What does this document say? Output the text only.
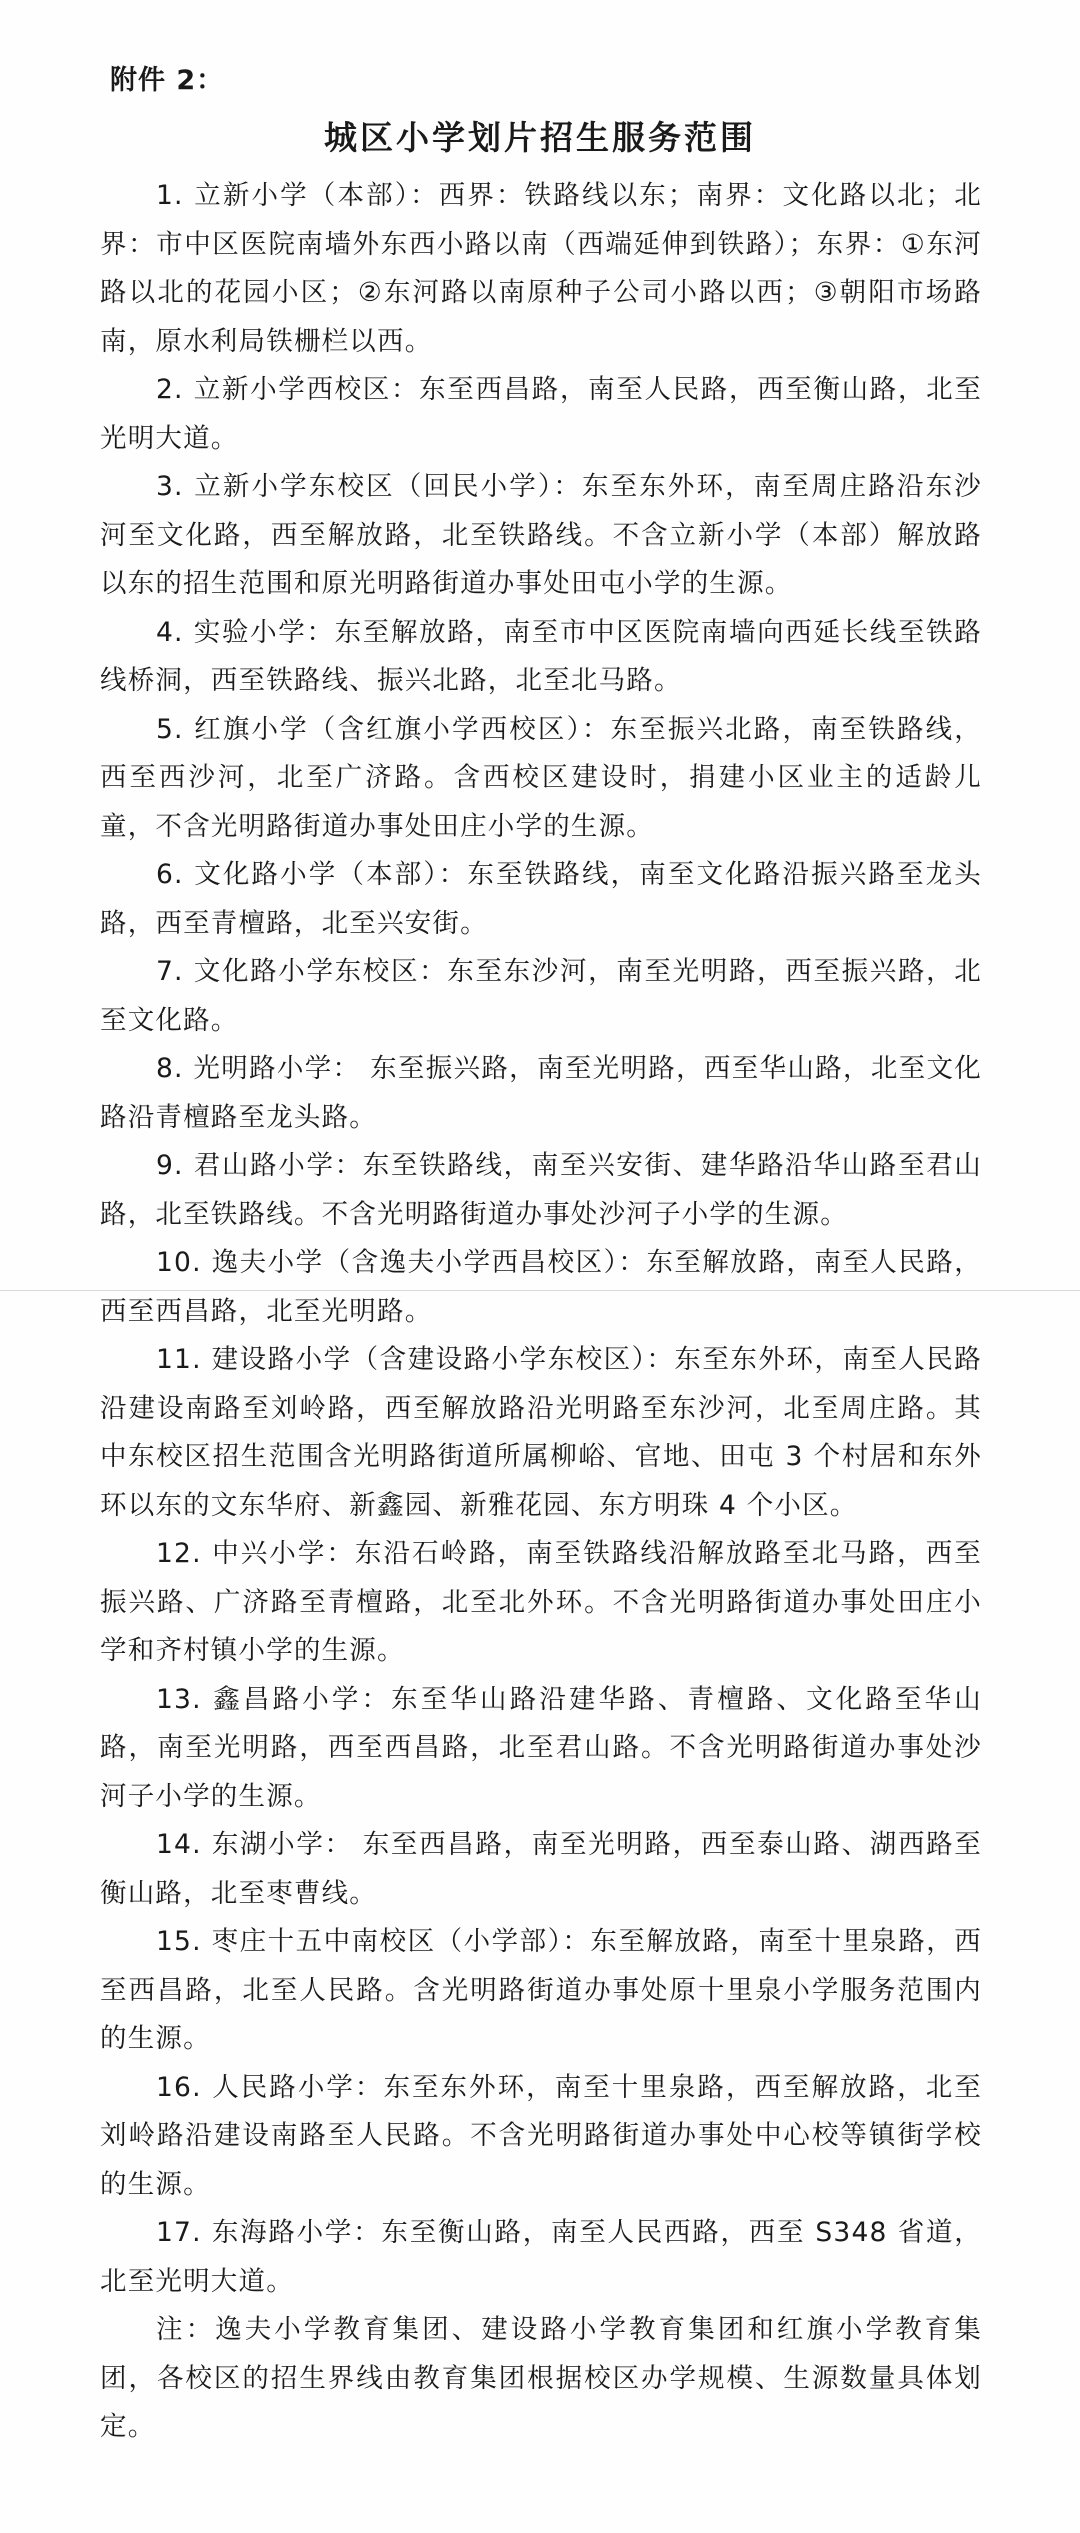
附件 2：
城区小学划片招生服务范围

1. 立新小学（本部）：西界：铁路线以东；南界：文化路以北；北界：市中区医院南墙外东西小路以南（西端延伸到铁路）；东界：①东河路以北的花园小区；②东河路以南原种子公司小路以西；③朝阳市场路南，原水利局铁栅栏以西。

2. 立新小学西校区：东至西昌路，南至人民路，西至衡山路，北至光明大道。

3. 立新小学东校区（回民小学）：东至东外环，南至周庄路沿东沙河至文化路，西至解放路，北至铁路线。不含立新小学（本部）解放路以东的招生范围和原光明路街道办事处田屯小学的生源。

4. 实验小学：东至解放路，南至市中区医院南墙向西延长线至铁路线桥洞，西至铁路线、振兴北路，北至北马路。

5. 红旗小学（含红旗小学西校区）：东至振兴北路，南至铁路线，西至西沙河，北至广济路。含西校区建设时，捐建小区业主的适龄儿童，不含光明路街道办事处田庄小学的生源。

6. 文化路小学（本部）：东至铁路线，南至文化路沿振兴路至龙头路，西至青檀路，北至兴安街。

7. 文化路小学东校区：东至东沙河，南至光明路，西至振兴路，北至文化路。

8. 光明路小学： 东至振兴路，南至光明路，西至华山路，北至文化路沿青檀路至龙头路。

9. 君山路小学：东至铁路线，南至兴安街、建华路沿华山路至君山路，北至铁路线。不含光明路街道办事处沙河子小学的生源。

10. 逸夫小学（含逸夫小学西昌校区）：东至解放路，南至人民路，西至西昌路，北至光明路。

11. 建设路小学（含建设路小学东校区）：东至东外环，南至人民路沿建设南路至刘岭路，西至解放路沿光明路至东沙河，北至周庄路。其中东校区招生范围含光明路街道所属柳峪、官地、田屯 3 个村居和东外环以东的文东华府、新鑫园、新雅花园、东方明珠 4 个小区。

12. 中兴小学：东沿石岭路，南至铁路线沿解放路至北马路，西至振兴路、广济路至青檀路，北至北外环。不含光明路街道办事处田庄小学和齐村镇小学的生源。

13. 鑫昌路小学：东至华山路沿建华路、青檀路、文化路至华山路，南至光明路，西至西昌路，北至君山路。不含光明路街道办事处沙河子小学的生源。

14. 东湖小学： 东至西昌路，南至光明路，西至泰山路、湖西路至衡山路，北至枣曹线。

15. 枣庄十五中南校区（小学部）：东至解放路，南至十里泉路，西至西昌路，北至人民路。含光明路街道办事处原十里泉小学服务范围内的生源。

16. 人民路小学：东至东外环，南至十里泉路，西至解放路，北至刘岭路沿建设南路至人民路。不含光明路街道办事处中心校等镇街学校的生源。

17. 东海路小学：东至衡山路，南至人民西路，西至 S348 省道，北至光明大道。

注：逸夫小学教育集团、建设路小学教育集团和红旗小学教育集团，各校区的招生界线由教育集团根据校区办学规模、生源数量具体划定。
